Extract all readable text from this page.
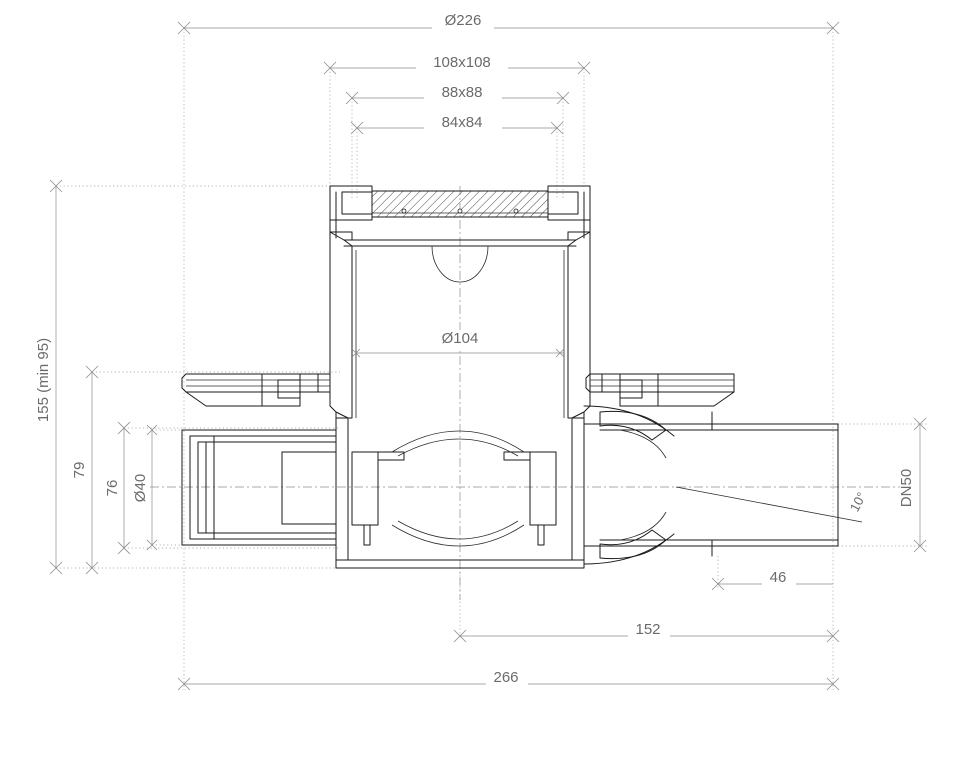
Ø226
108x108
88x88
84x84
Ø104
155 (min 95)
79
76 Ø40	DN50
10°
46
152
266
